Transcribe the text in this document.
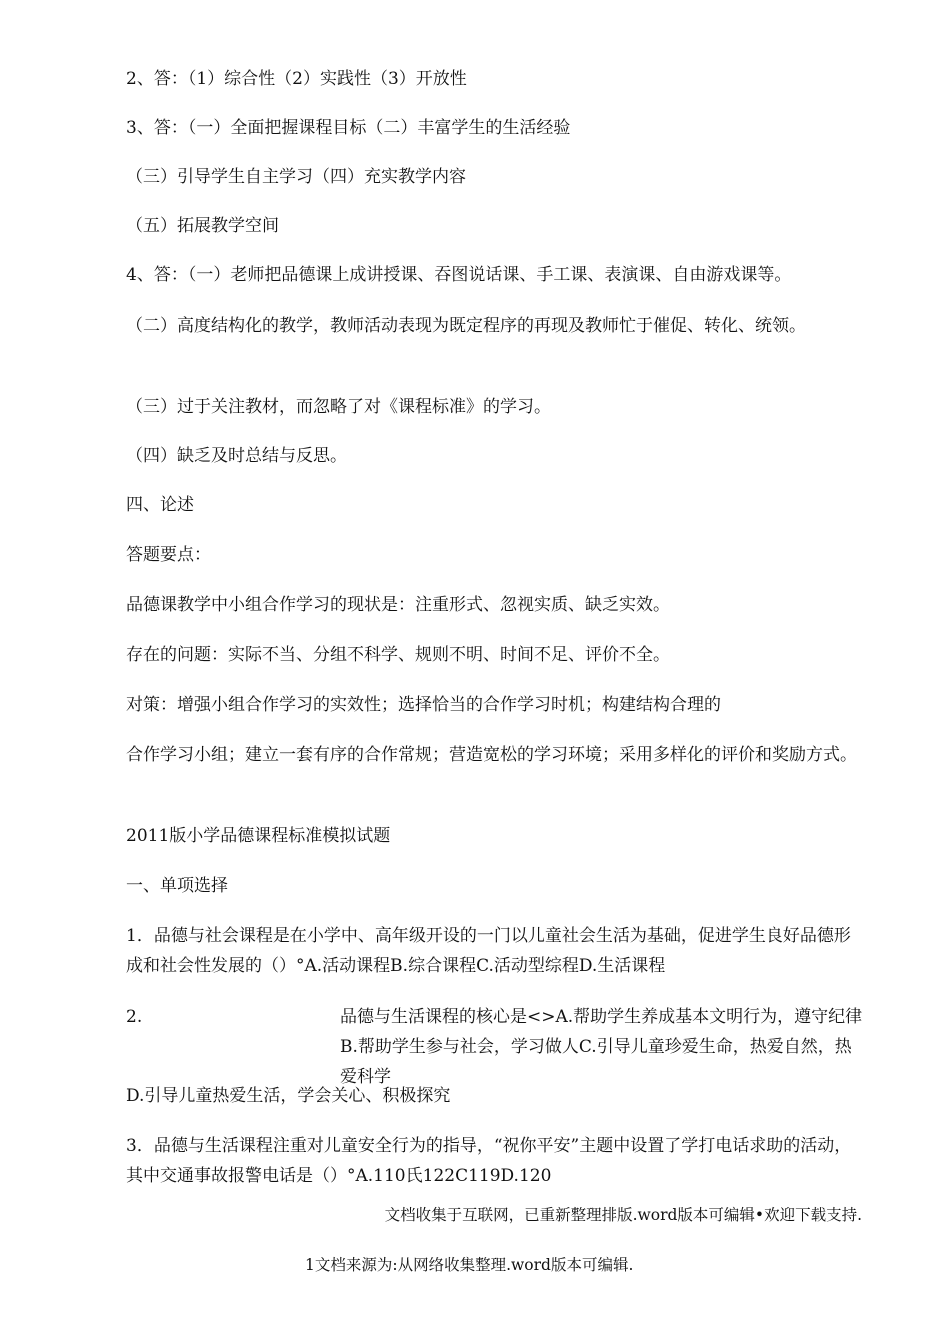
2、答：（1）综合性（2）实践性（3）开放性
3、答：（一）全面把握课程目标（二）丰富学生的生活经验
（三）引导学生自主学习（四）充实教学内容
（五）拓展教学空间
4、答：（一）老师把品德课上成讲授课、吞图说话课、手工课、表演课、自由游戏课等。
（二）高度结构化的教学，教师活动表现为既定程序的再现及教师忙于催促、转化、统领。
（三）过于关注教材，而忽略了对《课程标准》的学习。
（四）缺乏及时总结与反思。
四、论述
答题要点：
品德课教学中小组合作学习的现状是：注重形式、忽视实质、缺乏实效。
存在的问题：实际不当、分组不科学、规则不明、时间不足、评价不全。
对策：增强小组合作学习的实效性；选择恰当的合作学习时机；构建结构合理的
合作学习小组；建立一套有序的合作常规；营造宽松的学习环境；采用多样化的评价和奖励方式。
2011版小学品德课程标准模拟试题
一、单项选择
1．品德与社会课程是在小学中、高年级开设的一门以儿童社会生活为基础，促进学生良好品德形成和社会性发展的（）°A.活动课程B.综合课程C.活动型综程D.生活课程
2.	品德与生活课程的核心是<>A.帮助学生养成基本文明行为，遵守纪律B.帮助学生参与社会，学习做人C.引导儿童珍爱生命，热爱自然，热爱科学
D.引导儿童热爱生活，学会关心、积极探究
3．品德与生活课程注重对儿童安全行为的指导，“祝你平安”主题中设置了学打电话求助的活动，其中交通事故报警电话是（）°A.110氏122C119D.120
文档收集于互联网，已重新整理排版.word版本可编辑•欢迎下载支持.
1文档来源为:从网络收集整理.word版本可编辑.
